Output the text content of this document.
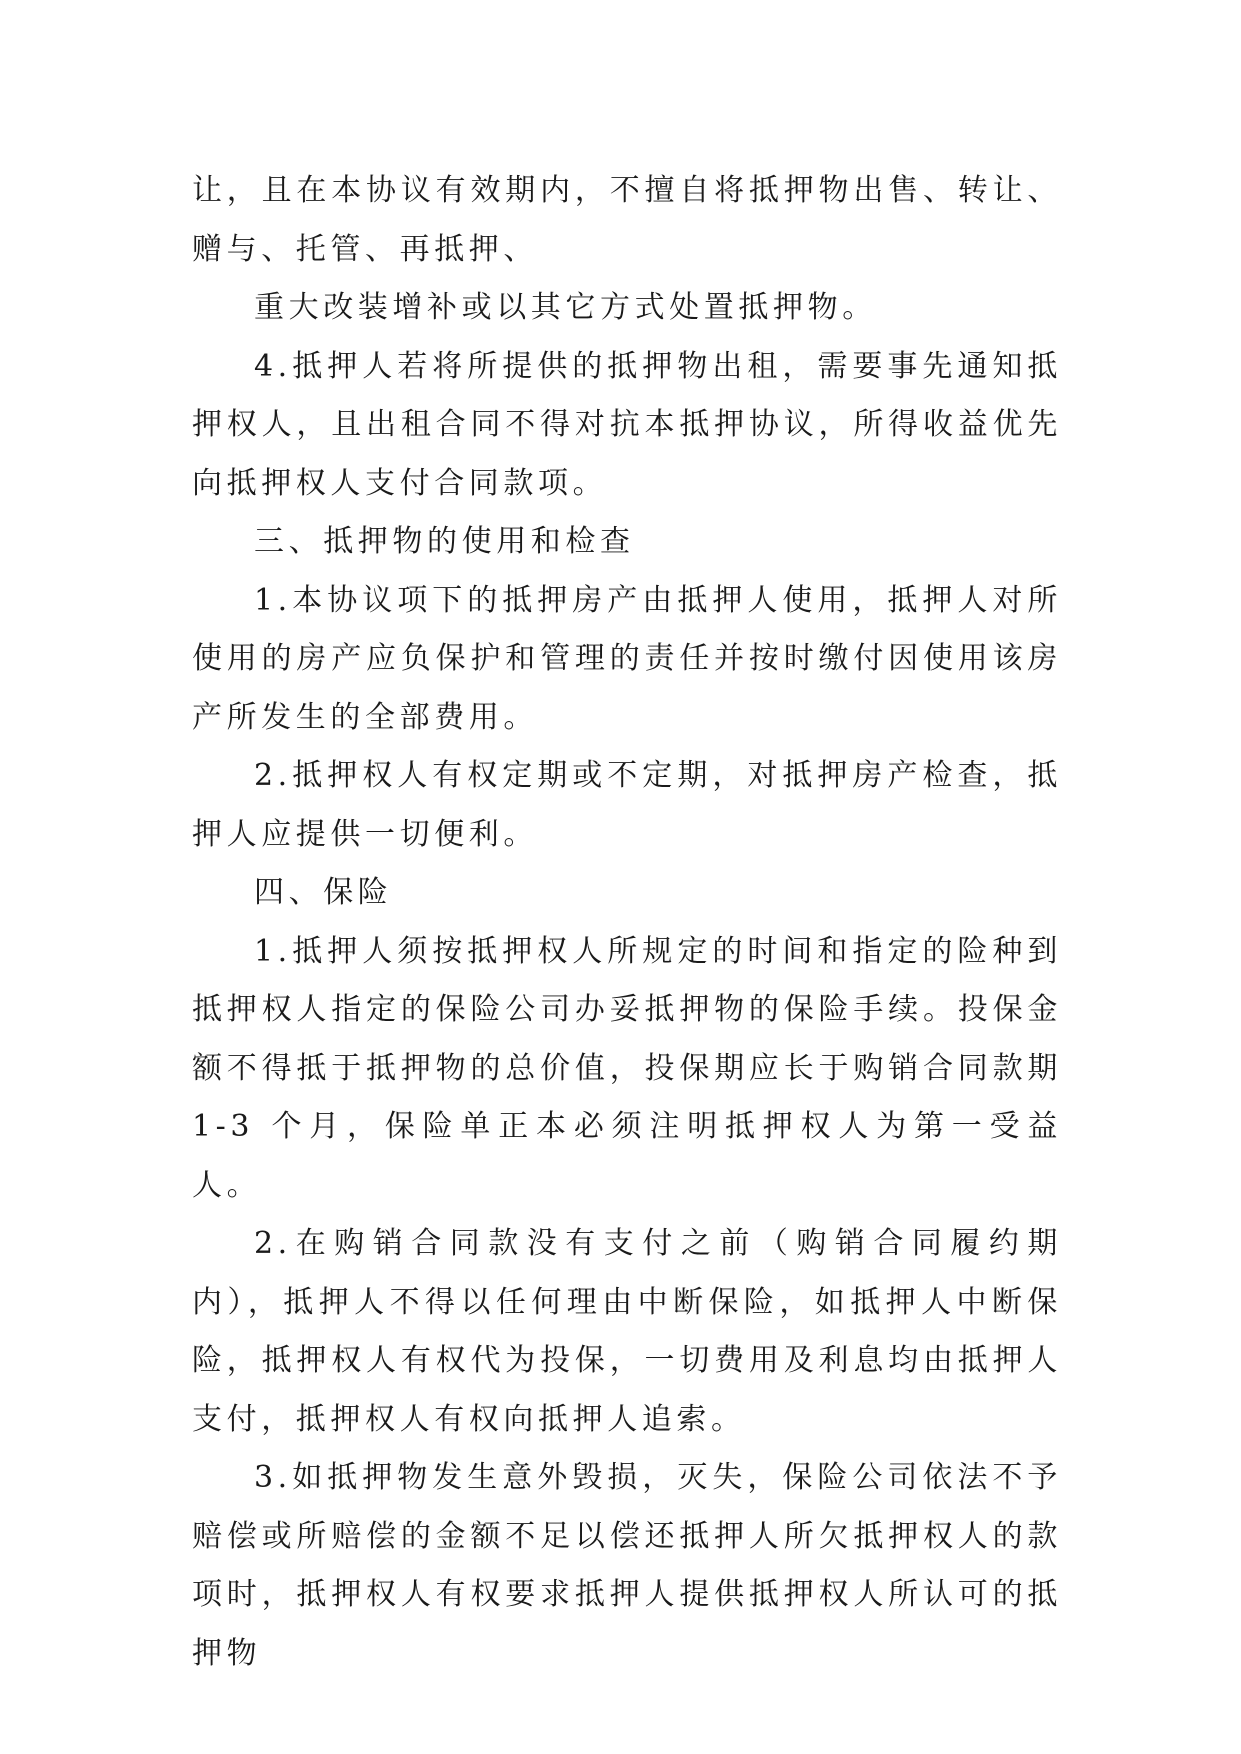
让，且在本协议有效期内，不擅自将抵押物出售、转让、赠与、托管、再抵押、

重大改装增补或以其它方式处置抵押物。

4.抵押人若将所提供的抵押物出租，需要事先通知抵押权人，且出租合同不得对抗本抵押协议，所得收益优先向抵押权人支付合同款项。

三、抵押物的使用和检查

1.本协议项下的抵押房产由抵押人使用，抵押人对所使用的房产应负保护和管理的责任并按时缴付因使用该房产所发生的全部费用。

2.抵押权人有权定期或不定期，对抵押房产检查，抵押人应提供一切便利。

四、保险

1.抵押人须按抵押权人所规定的时间和指定的险种到抵押权人指定的保险公司办妥抵押物的保险手续。投保金额不得抵于抵押物的总价值，投保期应长于购销合同款期 1-3 个月，保险单正本必须注明抵押权人为第一受益人。

2.在购销合同款没有支付之前（购销合同履约期内），抵押人不得以任何理由中断保险，如抵押人中断保险，抵押权人有权代为投保，一切费用及利息均由抵押人支付，抵押权人有权向抵押人追索。

3.如抵押物发生意外毁损，灭失，保险公司依法不予赔偿或所赔偿的金额不足以偿还抵押人所欠抵押权人的款项时，抵押权人有权要求抵押人提供抵押权人所认可的抵押物
